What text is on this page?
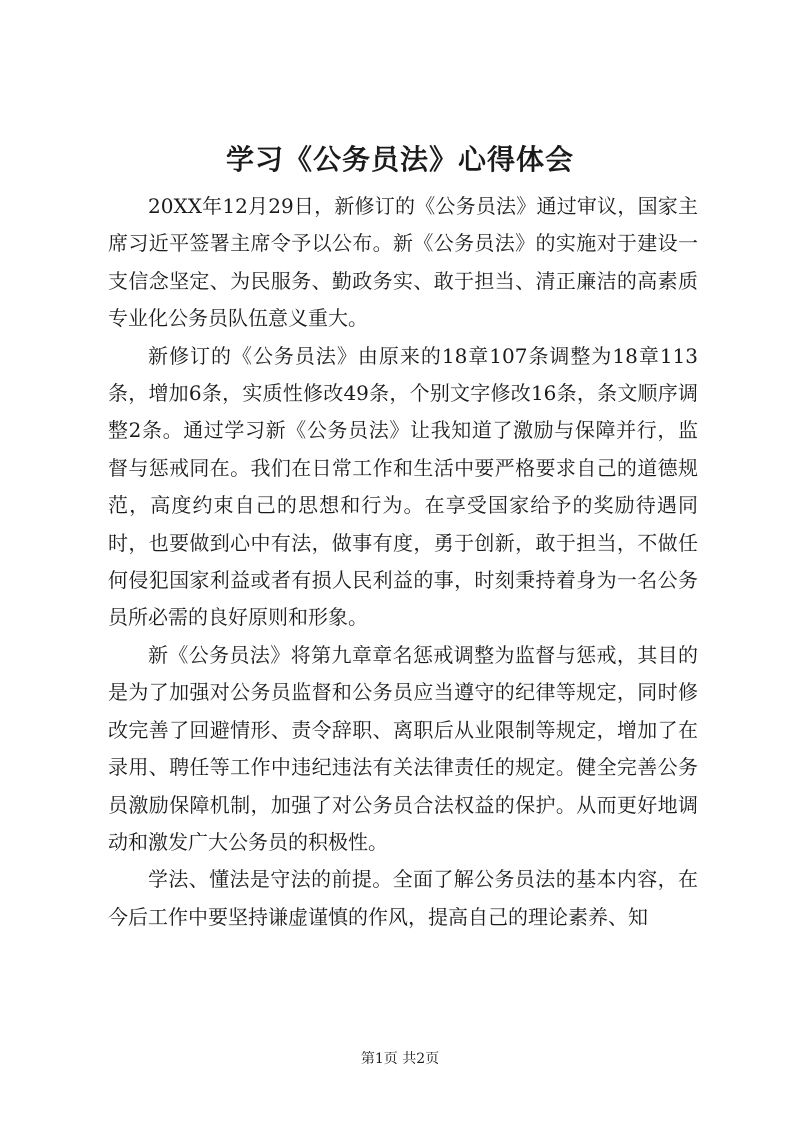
学习《公务员法》心得体会

20XX年12月29日，新修订的《公务员法》通过审议，国家主席习近平签署主席令予以公布。新《公务员法》的实施对于建设一支信念坚定、为民服务、勤政务实、敢于担当、清正廉洁的高素质专业化公务员队伍意义重大。

新修订的《公务员法》由原来的18章107条调整为18章113条，增加6条，实质性修改49条，个别文字修改16条，条文顺序调整2条。通过学习新《公务员法》让我知道了激励与保障并行，监督与惩戒同在。我们在日常工作和生活中要严格要求自己的道德规范，高度约束自己的思想和行为。在享受国家给予的奖励待遇同时，也要做到心中有法，做事有度，勇于创新，敢于担当，不做任何侵犯国家利益或者有损人民利益的事，时刻秉持着身为一名公务员所必需的良好原则和形象。

新《公务员法》将第九章章名惩戒调整为监督与惩戒，其目的是为了加强对公务员监督和公务员应当遵守的纪律等规定，同时修改完善了回避情形、责令辞职、离职后从业限制等规定，增加了在录用、聘任等工作中违纪违法有关法律责任的规定。健全完善公务员激励保障机制，加强了对公务员合法权益的保护。从而更好地调动和激发广大公务员的积极性。

学法、懂法是守法的前提。全面了解公务员法的基本内容，在今后工作中要坚持谦虚谨慎的作风，提高自己的理论素养、知

第1页 共2页
